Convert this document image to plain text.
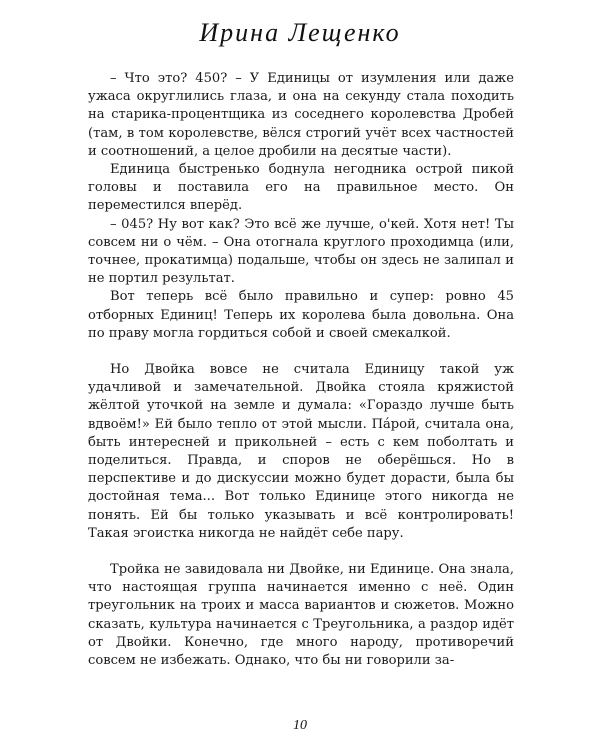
Ирина Лещенко

– Что это? 450? – У Единицы от изумления или даже ужаса округлились глаза, и она на секунду стала походить на старика-процентщика из соседнего королевства Дробей (там, в том королевстве, вёлся строгий учёт всех частностей и соотношений, а целое дробили на десятые части).

Единица быстренько боднула негодника острой пикой головы и поставила его на правильное место. Он переместился вперёд.

– 045? Ну вот как? Это всё же лучше, о'кей. Хотя нет! Ты совсем ни о чём. – Она отогнала круглого проходимца (или, точнее, прокатимца) подальше, чтобы он здесь не залипал и не портил результат.

Вот теперь всё было правильно и супер: ровно 45 отборных Единиц! Теперь их королева была довольна. Она по праву могла гордиться собой и своей смекалкой.

Но Двойка вовсе не считала Единицу такой уж удачливой и замечательной. Двойка стояла кряжистой жёлтой уточкой на земле и думала: «Гораздо лучше быть вдвоём!» Ей было тепло от этой мысли. Пáрой, считала она, быть интересней и прикольней – есть с кем поболтать и поделиться. Правда, и споров не оберёшься. Но в перспективе и до дискуссии можно будет дорасти, была бы достойная тема... Вот только Единице этого никогда не понять. Ей бы только указывать и всё контролировать! Такая эгоистка никогда не найдёт себе пару.

Тройка не завидовала ни Двойке, ни Единице. Она знала, что настоящая группа начинается именно с неё. Один треугольник на троих и масса вариантов и сюжетов. Можно сказать, культура начинается с Треугольника, а раздор идёт от Двойки. Конечно, где много народу, противоречий совсем не избежать. Однако, что бы ни говорили за-

10
